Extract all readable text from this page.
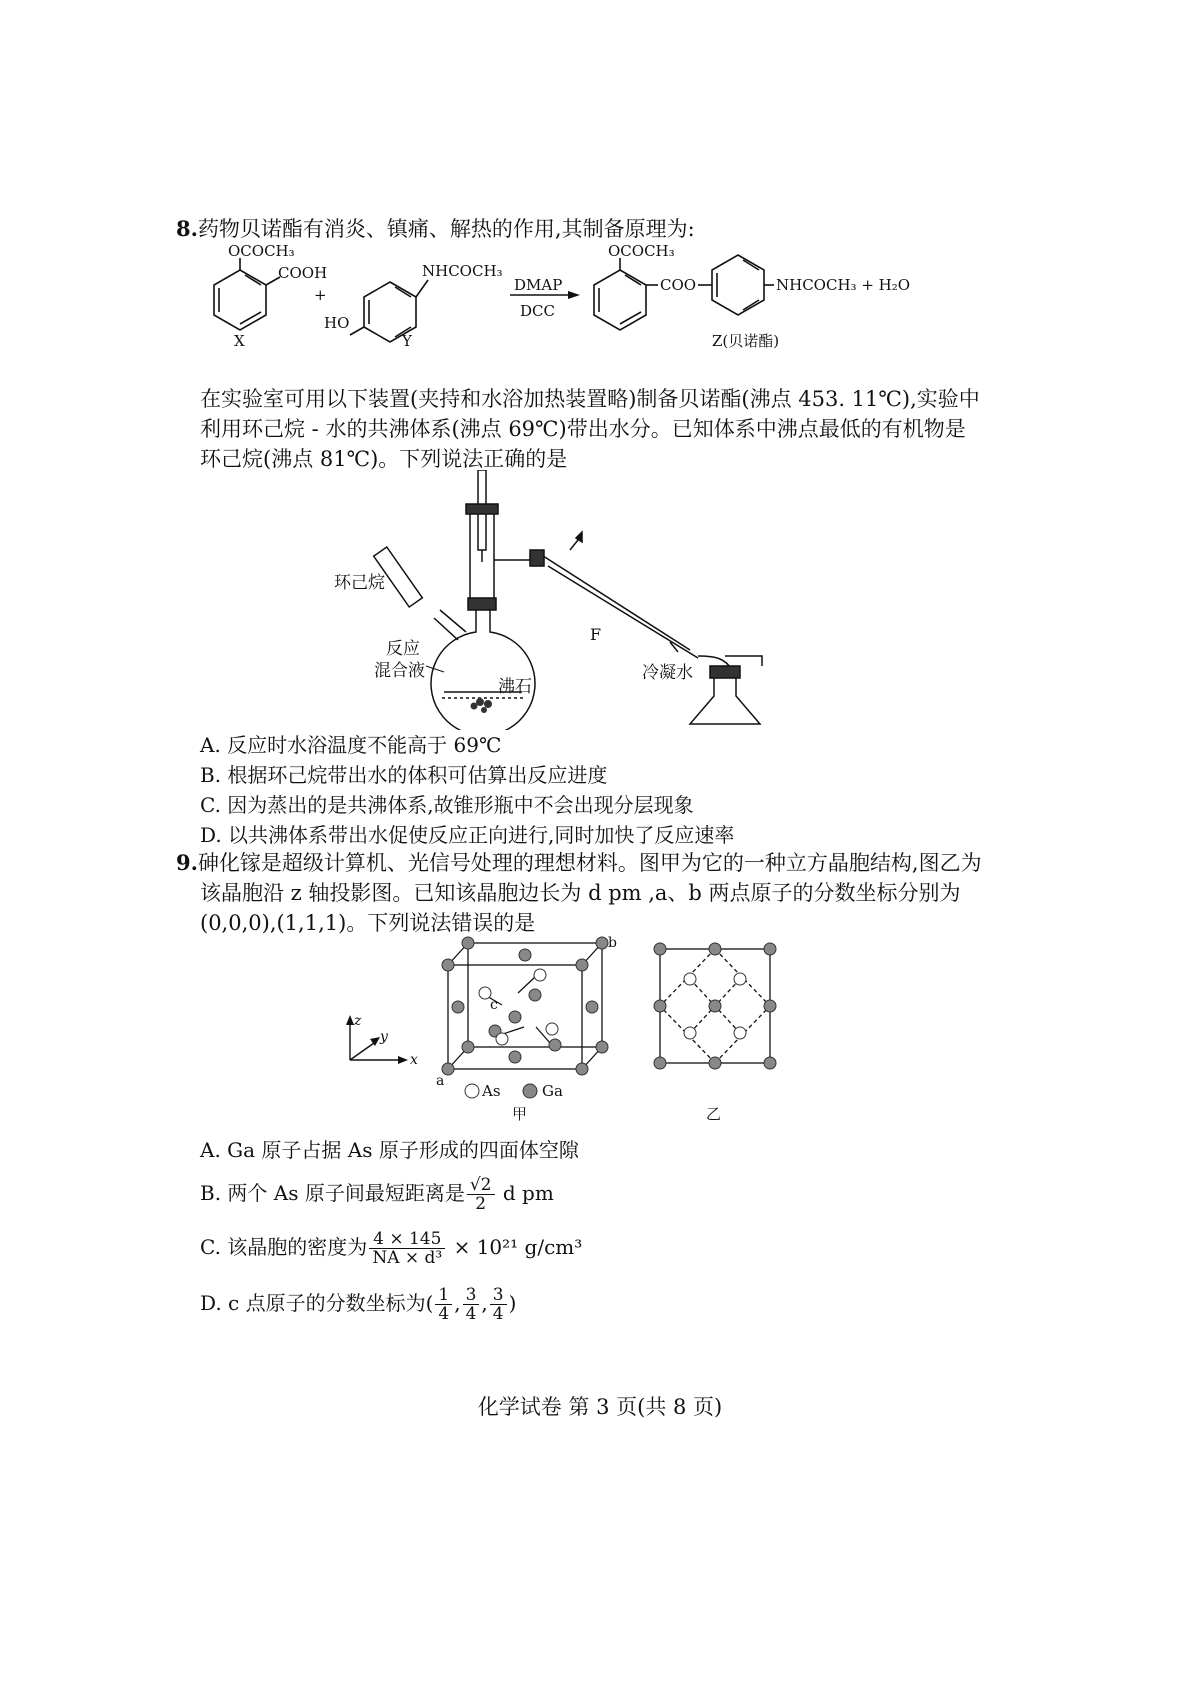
8.药物贝诺酯有消炎、镇痛、解热的作用,其制备原理为:
OCOCH₃
COOH
X
+
NHCOCH₃
HO
Y
DMAP
DCC
OCOCH₃
COO	NHCOCH₃ + H₂O
Z(贝诺酯)
在实验室可用以下装置(夹持和水浴加热装置略)制备贝诺酯(沸点 453. 11℃),实验中
利用环己烷 - 水的共沸体系(沸点 69℃)带出水分。已知体系中沸点最低的有机物是
环己烷(沸点 81℃)。下列说法正确的是
环己烷
反应
混合液
沸石
F
冷凝水
A. 反应时水浴温度不能高于 69℃
B. 根据环己烷带出水的体积可估算出反应进度
C. 因为蒸出的是共沸体系,故锥形瓶中不会出现分层现象
D. 以共沸体系带出水促使反应正向进行,同时加快了反应速率
9.砷化镓是超级计算机、光信号处理的理想材料。图甲为它的一种立方晶胞结构,图乙为
该晶胞沿 z 轴投影图。已知该晶胞边长为 d pm ,a、b 两点原子的分数坐标分别为
(0,0,0),(1,1,1)。下列说法错误的是
z
y
x
a
b
c
As	Ga
甲	乙
A. Ga 原子占据 As 原子形成的四面体空隙
B. 两个 As 原子间最短距离是 $\frac{√2}{2}$ d pm
C. 该晶胞的密度为 $\frac{4 \times 145}{\text{NA × d³}} \times 10^{21}$ g/cm³
D. c 点原子的分数坐标为( $\frac{1}{4}$ , $\frac{3}{4}$ , $\frac{3}{4}$ )
化学试卷 第 3 页(共 8 页)
